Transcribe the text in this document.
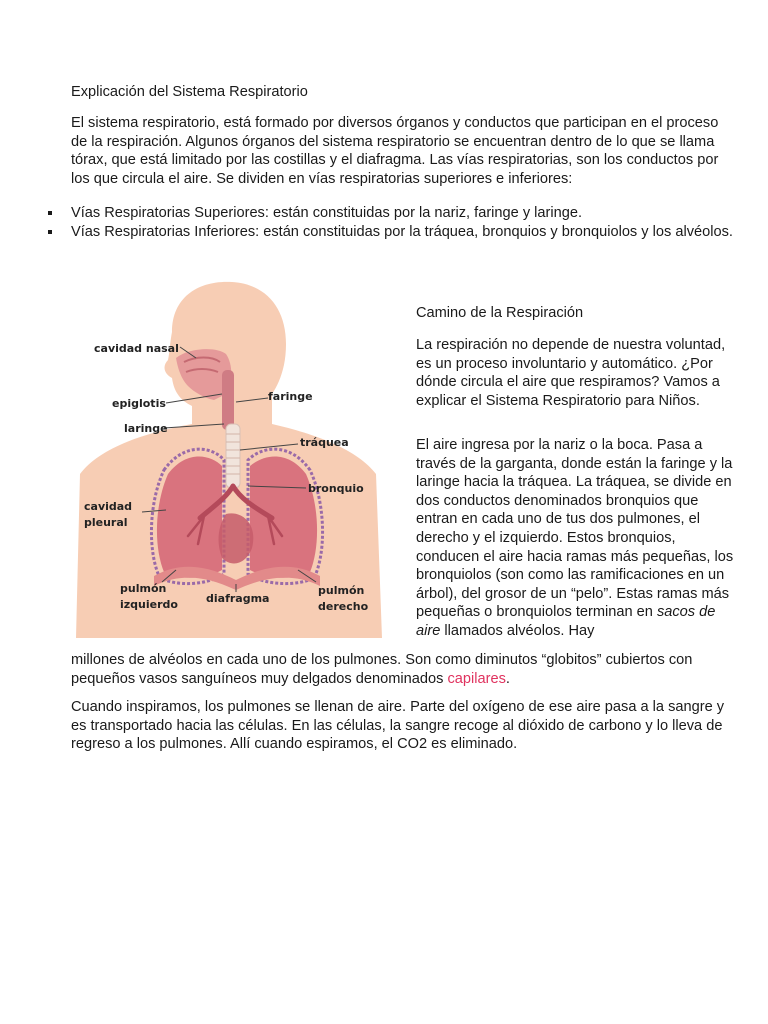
Explicación del Sistema Respiratorio
El sistema respiratorio, está formado por diversos órganos y conductos que participan en el proceso de la respiración. Algunos órganos del sistema respiratorio se encuentran dentro de lo que se llama tórax, que está limitado por las costillas y el diafragma. Las vías respiratorias, son los conductos por los que circula el aire. Se dividen en vías respiratorias superiores e inferiores:
Vías Respiratorias Superiores: están constituidas por la nariz, faringe y laringe.
Vías Respiratorias Inferiores: están constituidas por la tráquea, bronquios y bronquiolos y los alvéolos.
cavidad nasal
epiglotis
laringe
faringe
tráquea
bronquio
cavidad
pleural
pulmón
izquierdo	diafragma
pulmón
derecho
Camino de la Respiración
La respiración no depende de nuestra voluntad, es un proceso involuntario y automático. ¿Por dónde circula el aire que respiramos? Vamos a explicar el Sistema Respiratorio para Niños.
El aire ingresa por la nariz o la boca. Pasa a través de la garganta, donde están la faringe y la laringe hacia la tráquea. La tráquea, se divide en dos conductos denominados bronquios que entran en cada uno de tus dos pulmones, el derecho y el izquierdo. Estos bronquios, conducen el aire hacia ramas más pequeñas, los bronquiolos (son como las ramificaciones en un árbol), del grosor de un “pelo”. Estas ramas más pequeñas o bronquiolos terminan en sacos de aire llamados alvéolos. Hay
millones de alvéolos en cada uno de los pulmones. Son como diminutos “globitos” cubiertos con pequeños vasos sanguíneos muy delgados denominados capilares.
Cuando inspiramos, los pulmones se llenan de aire. Parte del oxígeno de ese aire pasa a la sangre y es transportado hacia las células. En las células, la sangre recoge al dióxido de carbono y lo lleva de regreso a los pulmones. Allí cuando espiramos, el CO2 es eliminado.
